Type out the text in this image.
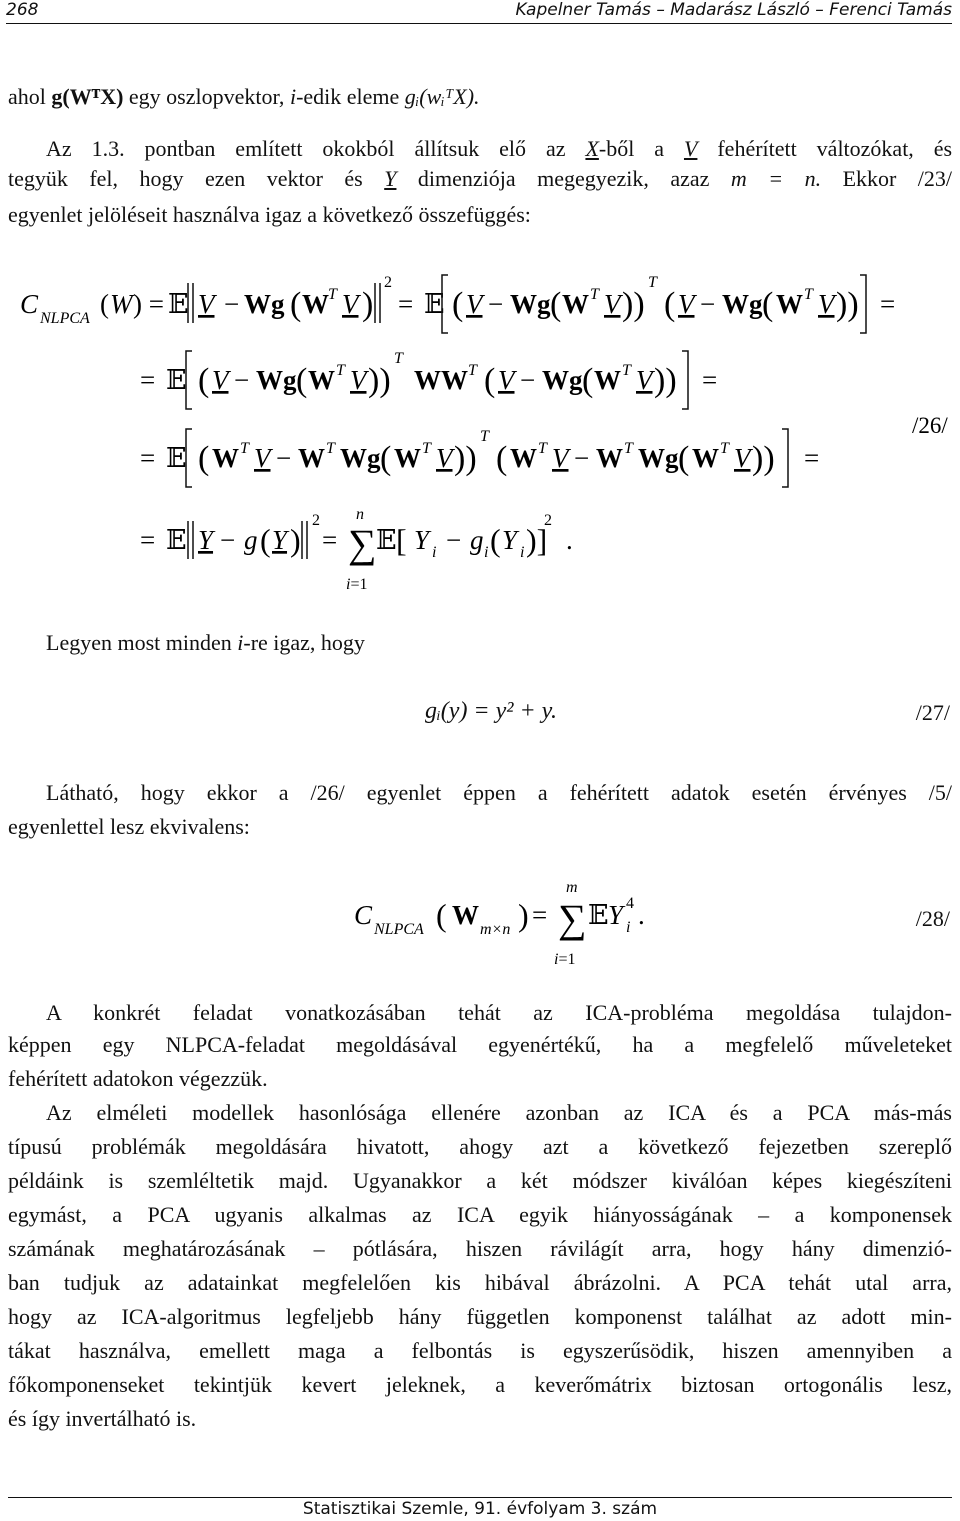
268	Kapelner Tamás – Madarász László – Ferenci Tamás
ahol g(WᵀX) egy oszlopvektor, i-edik eleme gᵢ(wᵢᵀX).
Az 1.3. pontban említett okokból állítsuk elő az X-ből a V fehérített változókat, és
tegyük fel, hogy ezen vektor és Y dimenziója megegyezik, azaz m = n. Ekkor /23/
egyenlet jelöléseit használva igaz a következő összefüggés:
C NLPCA ( W ) = 𝔼 V − Wg ( W T V )
2
= 𝔼 ( V − Wg ( W T V ))
T
( V − Wg ( W T V )) =
= 𝔼 ( V − Wg ( W T V ))
T
WW T ( V − Wg ( W T V )) =
= 𝔼 ( W T V − W T Wg ( W T V ))
T
( W T V − W T Wg ( W T V )) =
/26/
= 𝔼 Y − g ( Y )
2
=
n
∑
i=1
𝔼 [ Y i − g i ( Y i )]
2
.
Legyen most minden i-re igaz, hogy
gᵢ(y) = y² + y.	/27/
Látható, hogy ekkor a /26/ egyenlet éppen a fehérített adatok esetén érvényes /5/
egyenlettel lesz ekvivalens:
C NLPCA ( W m×n ) =
m
∑
i=1
𝔼 Y 4
i .	/28/
A konkrét feladat vonatkozásában tehát az ICA-probléma megoldása tulajdon-
képpen egy NLPCA-feladat megoldásával egyenértékű, ha a megfelelő műveleteket
fehérített adatokon végezzük.
Az elméleti modellek hasonlósága ellenére azonban az ICA és a PCA más-más
típusú problémák megoldására hivatott, ahogy azt a következő fejezetben szereplő
példáink is szemléltetik majd. Ugyanakkor a két módszer kiválóan képes kiegészíteni
egymást, a PCA ugyanis alkalmas az ICA egyik hiányosságának – a komponensek
számának meghatározásának – pótlására, hiszen rávilágít arra, hogy hány dimenzió-
ban tudjuk az adatainkat megfelelően kis hibával ábrázolni. A PCA tehát utal arra,
hogy az ICA-algoritmus legfeljebb hány független komponenst találhat az adott min-
tákat használva, emellett maga a felbontás is egyszerűsödik, hiszen amennyiben a
főkomponenseket tekintjük kevert jeleknek, a keverőmátrix biztosan ortogonális lesz,
és így invertálható is.
Statisztikai Szemle, 91. évfolyam 3. szám
